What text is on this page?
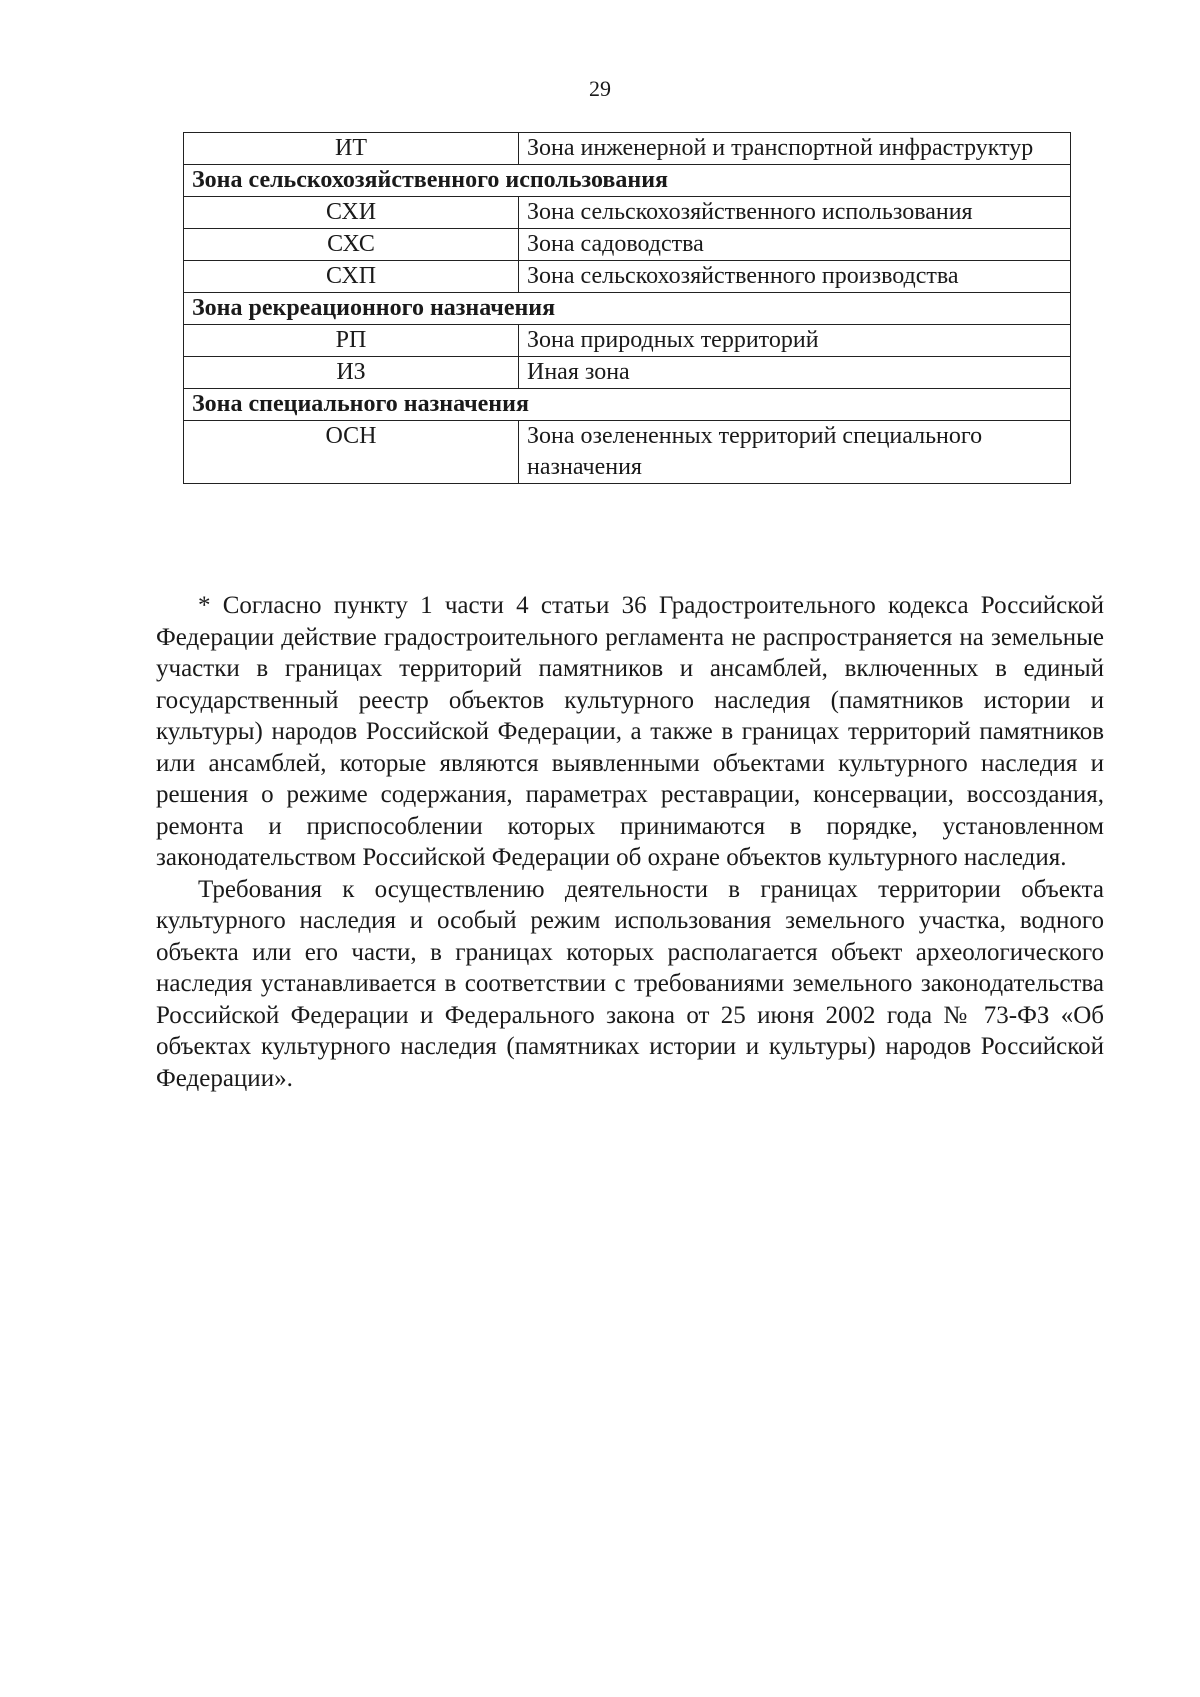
29
ИТ	Зона инженерной и транспортной инфраструктур
Зона сельскохозяйственного использования	
СХИ	Зона сельскохозяйственного использования
СХС	Зона садоводства
СХП	Зона сельскохозяйственного производства
Зона рекреационного назначения	
РП	Зона природных территорий
ИЗ	Иная зона
Зона специального назначения	
ОСН	Зона озелененных территорий специального назначения

* Согласно пункту 1 части 4 статьи 36 Градостроительного кодекса Российской Федерации действие градостроительного регламента не распространяется на земельные участки в границах территорий памятников и ансамблей, включенных в единый государственный реестр объектов культурного наследия (памятников истории и культуры) народов Российской Федерации, а также в границах территорий памятников или ансамблей, которые являются выявленными объектами культурного наследия и решения о режиме содержания, параметрах реставрации, консервации, воссоздания, ремонта и приспособлении которых принимаются в порядке, установленном законодательством Российской Федерации об охране объектов культурного наследия.

Требования к осуществлению деятельности в границах территории объекта культурного наследия и особый режим использования земельного участка, водного объекта или его части, в границах которых располагается объект археологического наследия устанавливается в соответствии с требованиями земельного законодательства Российской Федерации и Федерального закона от 25 июня 2002 года № 73-ФЗ «Об объектах культурного наследия (памятниках истории и культуры) народов Российской Федерации».
